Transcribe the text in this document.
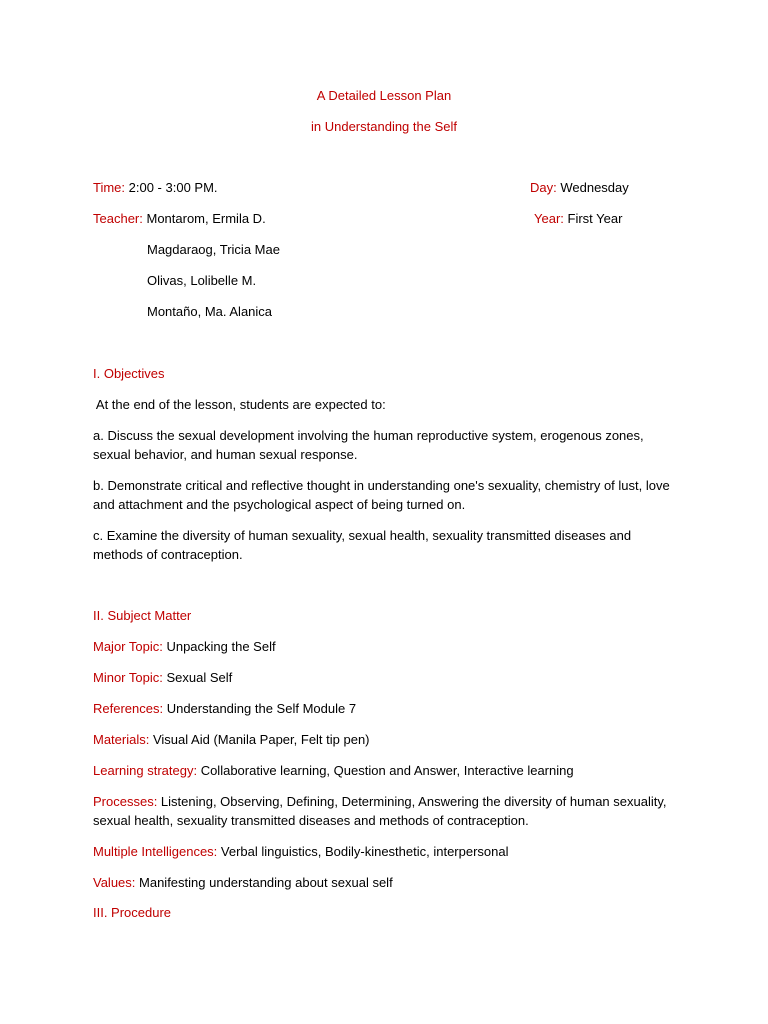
A Detailed Lesson Plan
in Understanding the Self
Time: 2:00 - 3:00 PM.	Day: Wednesday
Teacher: Montarom, Ermila D.	Year: First Year
Magdaraog, Tricia Mae
Olivas, Lolibelle M.
Montaño, Ma. Alanica
I. Objectives
At the end of the lesson, students are expected to:
a. Discuss the sexual development involving the human reproductive system, erogenous zones, sexual behavior, and human sexual response.
b. Demonstrate critical and reflective thought in understanding one's sexuality, chemistry of lust, love and attachment and the psychological aspect of being turned on.
c. Examine the diversity of human sexuality, sexual health, sexuality transmitted diseases and methods of contraception.
II. Subject Matter
Major Topic: Unpacking the Self
Minor Topic: Sexual Self
References: Understanding the Self Module 7
Materials: Visual Aid (Manila Paper, Felt tip pen)
Learning strategy: Collaborative learning, Question and Answer, Interactive learning
Processes: Listening, Observing, Defining, Determining, Answering the diversity of human sexuality, sexual health, sexuality transmitted diseases and methods of contraception.
Multiple Intelligences: Verbal linguistics, Bodily-kinesthetic, interpersonal
Values: Manifesting understanding about sexual self
III. Procedure
